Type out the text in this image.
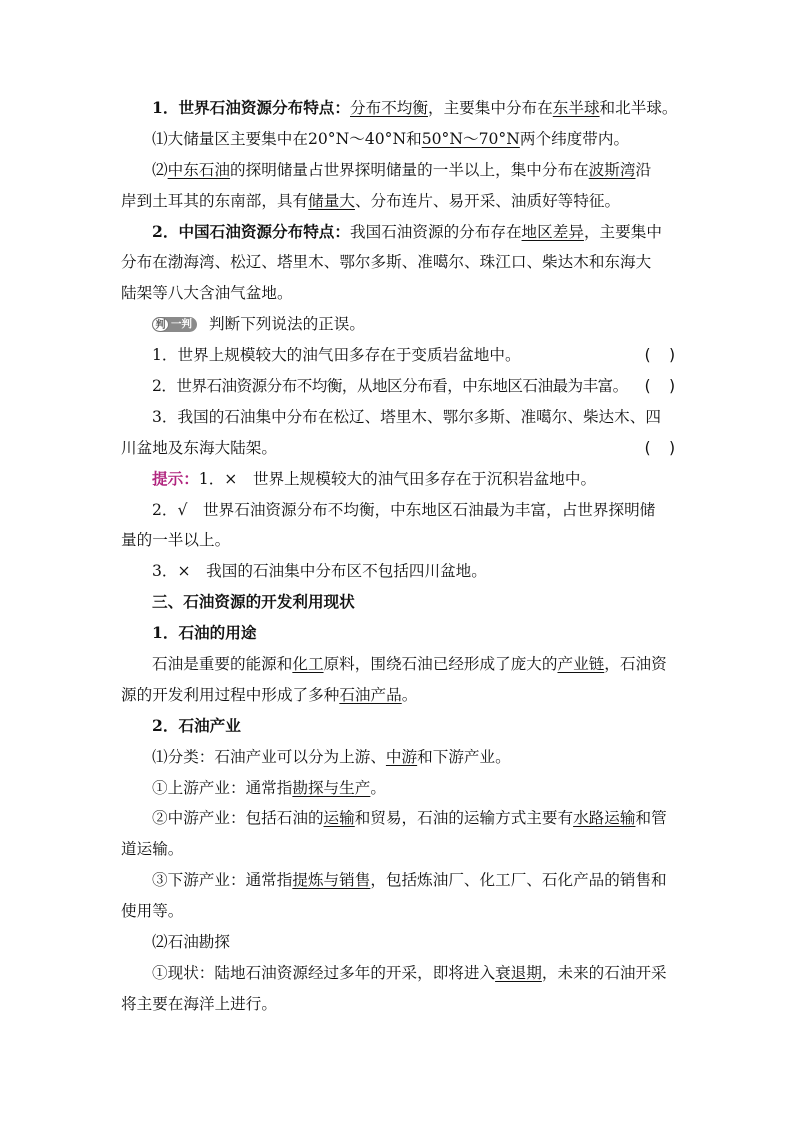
1．世界石油资源分布特点：分布不均衡，主要集中分布在东半球和北半球。
⑴大储量区主要集中在20°N～40°N和50°N～70°N两个纬度带内。
⑵中东石油的探明储量占世界探明储量的一半以上，集中分布在波斯湾沿
岸到土耳其的东南部，具有储量大、分布连片、易开采、油质好等特征。
2．中国石油资源分布特点：我国石油资源的分布存在地区差异，主要集中
分布在渤海湾、松辽、塔里木、鄂尔多斯、准噶尔、珠江口、柴达木和东海大
陆架等八大含油气盆地。
判 一判 判断下列说法的正误。
1．世界上规模较大的油气田多存在于变质岩盆地中。	(　)
2．世界石油资源分布不均衡，从地区分布看，中东地区石油最为丰富。 (　)
3．我国的石油集中分布在松辽、塔里木、鄂尔多斯、准噶尔、柴达木、四
川盆地及东海大陆架。	(　)
提示：1．×　世界上规模较大的油气田多存在于沉积岩盆地中。
2．√　世界石油资源分布不均衡，中东地区石油最为丰富，占世界探明储
量的一半以上。
3．×　我国的石油集中分布区不包括四川盆地。
三、石油资源的开发利用现状
1．石油的用途
石油是重要的能源和化工原料，围绕石油已经形成了庞大的产业链，石油资
源的开发利用过程中形成了多种石油产品。
2．石油产业
⑴分类：石油产业可以分为上游、中游和下游产业。
①上游产业：通常指勘探与生产。
②中游产业：包括石油的运输和贸易，石油的运输方式主要有水路运输和管
道运输。
③下游产业：通常指提炼与销售，包括炼油厂、化工厂、石化产品的销售和
使用等。
⑵石油勘探
①现状：陆地石油资源经过多年的开采，即将进入衰退期，未来的石油开采
将主要在海洋上进行。
